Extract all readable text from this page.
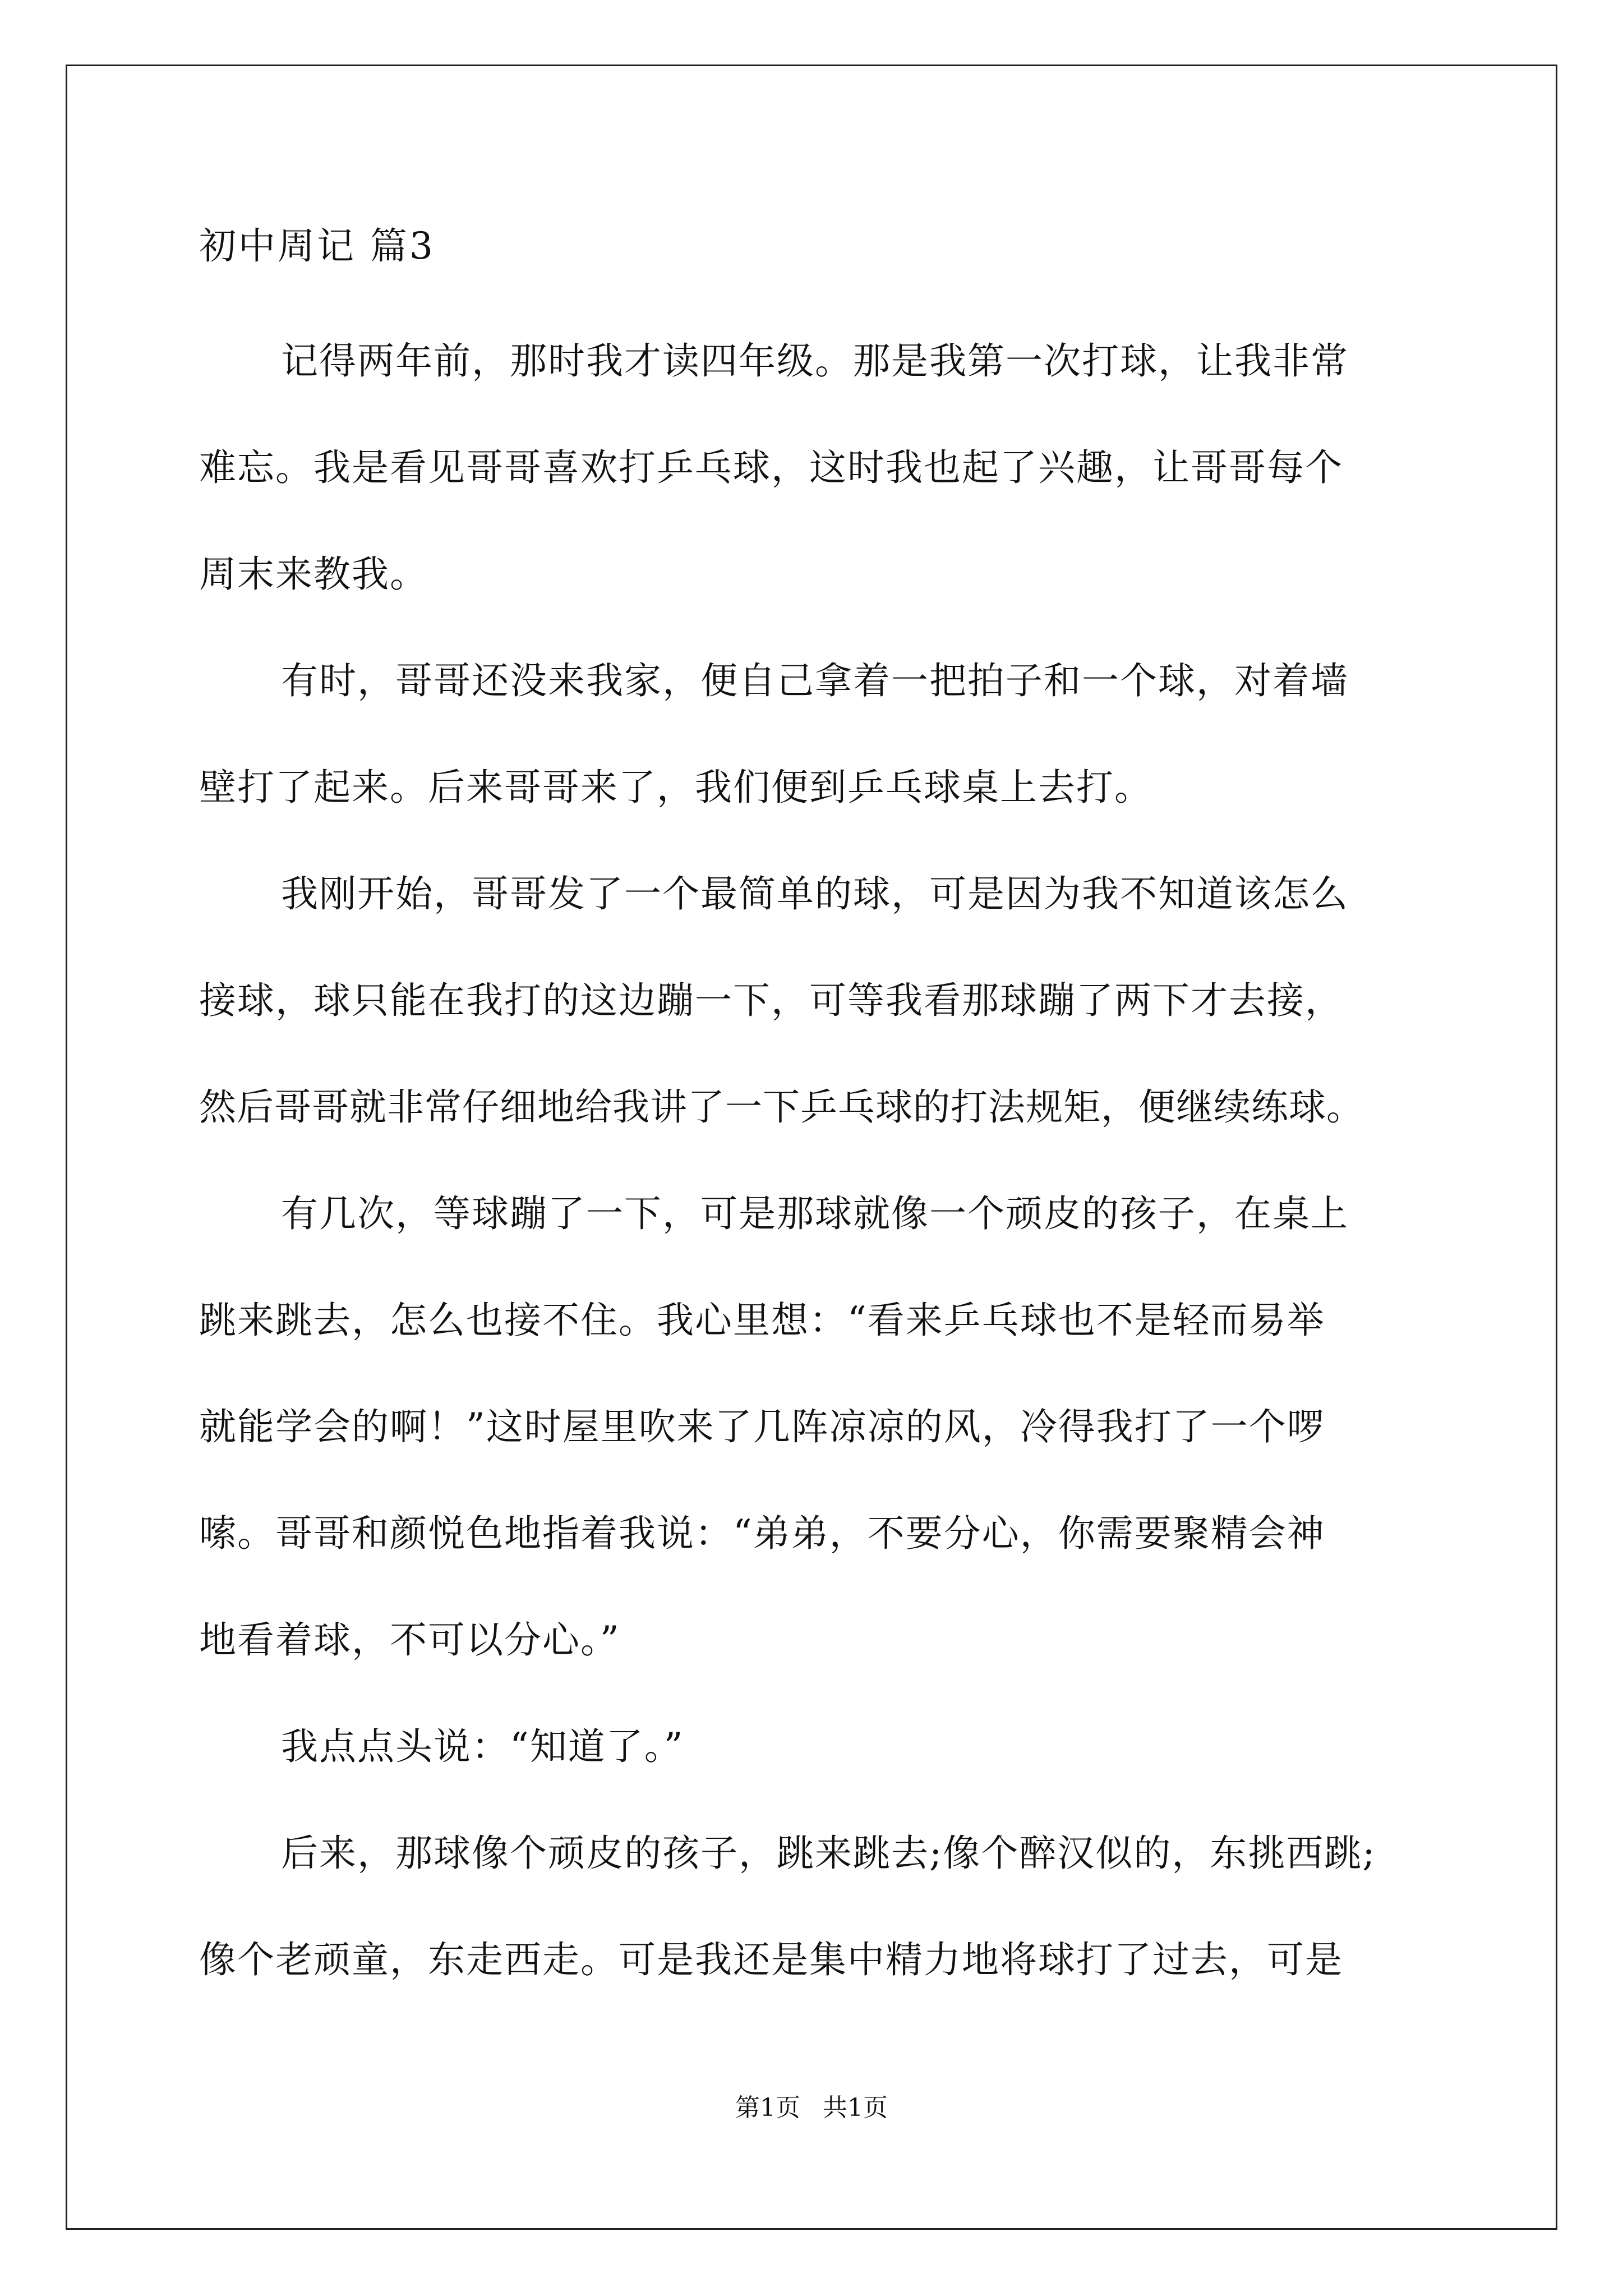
初中周记 篇3
记得两年前，那时我才读四年级。那是我第一次打球，让我非常
难忘。我是看见哥哥喜欢打乒乓球，这时我也起了兴趣，让哥哥每个
周末来教我。
有时，哥哥还没来我家，便自己拿着一把拍子和一个球，对着墙
壁打了起来。后来哥哥来了，我们便到乒乓球桌上去打。
我刚开始，哥哥发了一个最简单的球，可是因为我不知道该怎么
接球，球只能在我打的这边蹦一下，可等我看那球蹦了两下才去接，
然后哥哥就非常仔细地给我讲了一下乒乓球的打法规矩，便继续练球。
有几次，等球蹦了一下，可是那球就像一个顽皮的孩子，在桌上
跳来跳去，怎么也接不住。我心里想：“看来乒乓球也不是轻而易举
就能学会的啊！”这时屋里吹来了几阵凉凉的风，冷得我打了一个啰
嗦。哥哥和颜悦色地指着我说：“弟弟，不要分心，你需要聚精会神
地看着球，不可以分心。”
我点点头说：“知道了。”
后来，那球像个顽皮的孩子，跳来跳去;像个醉汉似的，东挑西跳;
像个老顽童，东走西走。可是我还是集中精力地将球打了过去，可是
第1页 共1页
